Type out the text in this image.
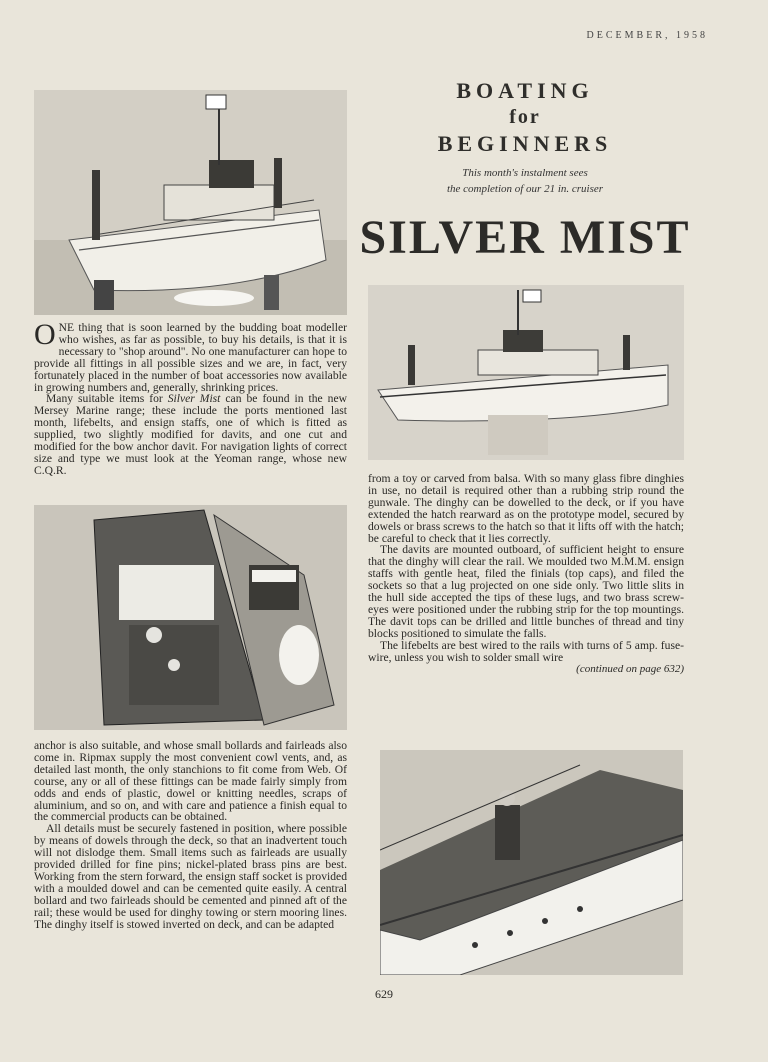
DECEMBER, 1958
BOATING
for
BEGINNERS
This month's instalment sees
the completion of our 21 in. cruiser
SILVER MIST

ONE thing that is soon learned by the budding boat modeller who wishes, as far as possible, to buy his details, is that it is necessary to "shop around". No one manufacturer can hope to provide all fittings in all possible sizes and we are, in fact, very fortunately placed in the number of boat accessories now available in growing numbers and, generally, shrinking prices.

Many suitable items for Silver Mist can be found in the new Mersey Marine range; these include the ports mentioned last month, lifebelts, and ensign staffs, one of which is fitted as supplied, two slightly modified for davits, and one cut and modified for the bow anchor davit. For navigation lights of correct size and type we must look at the Yeoman range, whose new C.Q.R.

anchor is also suitable, and whose small bollards and fairleads also come in. Ripmax supply the most convenient cowl vents, and, as detailed last month, the only stanchions to fit come from Web. Of course, any or all of these fittings can be made fairly simply from odds and ends of plastic, dowel or knitting needles, scraps of aluminium, and so on, and with care and patience a finish equal to the commercial products can be obtained.

All details must be securely fastened in position, where possible by means of dowels through the deck, so that an inadvertent touch will not dislodge them. Small items such as fairleads are usually provided drilled for fine pins; nickel-plated brass pins are best. Working from the stern forward, the ensign staff socket is provided with a moulded dowel and can be cemented quite easily. A central bollard and two fairleads should be cemented and pinned aft of the rail; these would be used for dinghy towing or stern mooring lines. The dinghy itself is stowed inverted on deck, and can be adapted

from a toy or carved from balsa. With so many glass fibre dinghies in use, no detail is required other than a rubbing strip round the gunwale. The dinghy can be dowelled to the deck, or if you have extended the hatch rearward as on the prototype model, secured by dowels or brass screws to the hatch so that it lifts off with the hatch; be careful to check that it lies correctly.

The davits are mounted outboard, of sufficient height to ensure that the dinghy will clear the rail. We moulded two M.M.M. ensign staffs with gentle heat, filed the finials (top caps), and filed the sockets so that a lug projected on one side only. Two little slits in the hull side accepted the tips of these lugs, and two brass screw-eyes were positioned under the rubbing strip for the top mountings. The davit tops can be drilled and little bunches of thread and tiny blocks positioned to simulate the falls.

The lifebelts are best wired to the rails with turns of 5 amp. fuse-wire, unless you wish to solder small wire

(continued on page 632)
629
